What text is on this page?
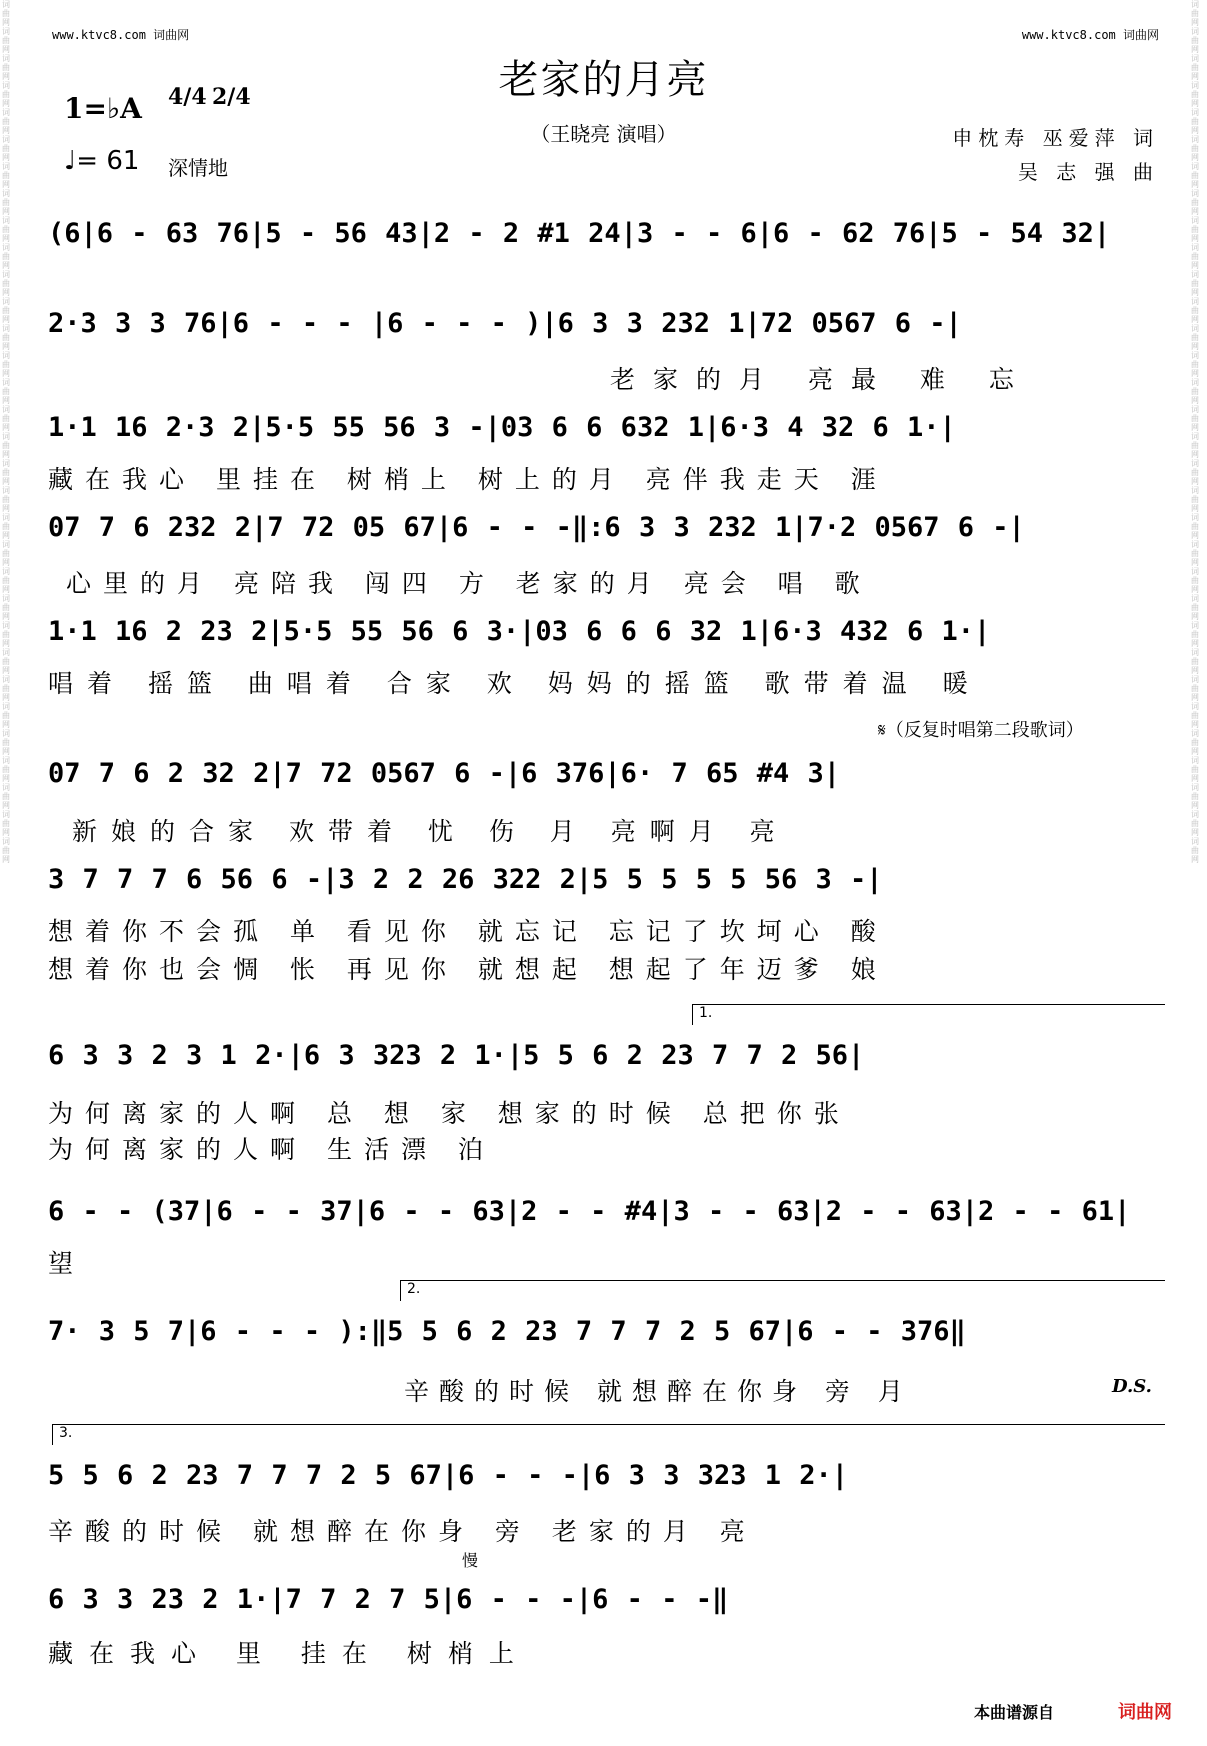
词曲网词曲网词曲网词曲网词曲网词曲网词曲网词曲网词曲网词曲网词曲网词曲网词曲网词曲网词曲网词曲网词曲网词曲网词曲网词曲网词曲网词曲网词曲网词曲网词曲网词曲网词曲网词曲网词曲网词曲网词曲网词曲网
词曲网词曲网词曲网词曲网词曲网词曲网词曲网词曲网词曲网词曲网词曲网词曲网词曲网词曲网词曲网词曲网词曲网词曲网词曲网词曲网词曲网词曲网词曲网词曲网词曲网词曲网词曲网词曲网词曲网词曲网词曲网词曲网
www.ktvc8.com 词曲网	www.ktvc8.com 词曲网
老家的月亮
（王晓亮 演唱）
1=♭A 4/4 2/4
♩= 61 深情地
申枕寿 巫爱萍 词
吴 志 强 曲
(6|6 - 63 76|5 - 56 43|2 - 2 #1 24|3 - - 6|6 - 62 76|5 - 54 32|
2·3 3 3 76|6 - - - |6 - - - )|6 3 3 232 1|72 0567 6 -|
老家的月 亮最 难 忘
1·1 16 2·3 2|5·5 55 56 3 -|03 6 6 632 1|6·3 4 32 6 1·|
藏在我心 里挂在 树梢上 树上的月 亮伴我走天 涯
07 7 6 232 2|7 72 05 67|6 - - -‖:6 3 3 232 1|7·2 0567 6 -|
心里的月 亮陪我 闯四 方 老家的月 亮会 唱 歌
1·1 16 2 23 2|5·5 55 56 6 3·|03 6 6 6 32 1|6·3 432 6 1·|
唱着 摇篮 曲唱着 合家 欢 妈妈的摇篮 歌带着温 暖
𝄋（反复时唱第二段歌词）
07 7 6 2 32 2|7 72 0567 6 -|6 376|6· 7 65 #4 3|
新娘的合家 欢带着 忧 伤 月 亮啊月 亮
3 7 7 7 6 56 6 -|3 2 2 26 322 2|5 5 5 5 5 56 3 -|
想着你不会孤 单 看见你 就忘记 忘记了坎坷心 酸
想着你也会惆 怅 再见你 就想起 想起了年迈爹 娘
1.
6 3 3 2 3 1 2·|6 3 323 2 1·|5 5 6 2 23 7 7 2 56|
为何离家的人啊 总 想 家 想家的时候 总把你张
为何离家的人啊 生活漂 泊
6 - - (37|6 - - 37|6 - - 63|2 - - #4|3 - - 63|2 - - 63|2 - - 61|
望
2.
7· 3 5 7|6 - - - ):‖5 5 6 2 23 7 7 7 2 5 67|6 - - 376‖
辛酸的时候 就想醉在你身 旁 月	D.S.
3.
5 5 6 2 23 7 7 7 2 5 67|6 - - -|6 3 3 323 1 2·|
辛酸的时候 就想醉在你身 旁 老家的月 亮
慢
6 3 3 23 2 1·|7 7 2 7 5|6 - - -|6 - - -‖
藏在我心 里 挂在 树梢上
本曲谱源自	词曲网
